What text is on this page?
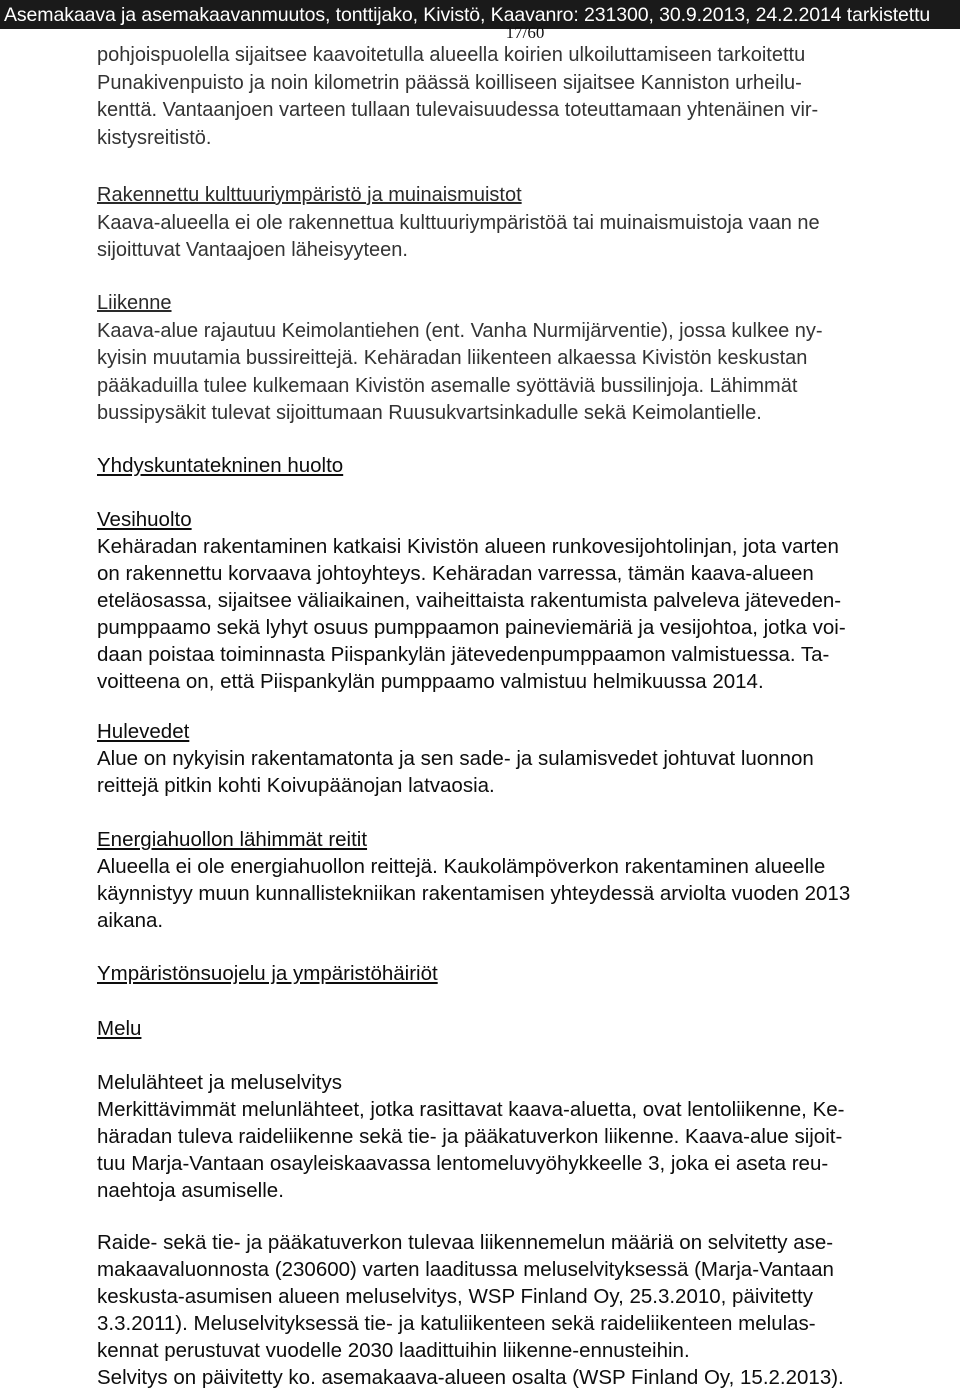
Asemakaava ja asemakaavanmuutos, tonttijako, Kivistö, Kaavanro: 231300, 30.9.2013, 24.2.2014 tarkistettu
17/60

pohjoispuolella sijaitsee kaavoitetulla alueella koirien ulkoiluttamiseen tarkoitettu
Punakivenpuisto ja noin kilometrin päässä koilliseen sijaitsee Kanniston urheilu-
kenttä. Vantaanjoen varteen tullaan tulevaisuudessa toteuttamaan yhtenäinen vir-
kistysreitistö.

Rakennettu kulttuuriympäristö ja muinaismuistot

Kaava-alueella ei ole rakennettua kulttuuriympäristöä tai muinaismuistoja vaan ne
sijoittuvat Vantaajoen läheisyyteen.

Liikenne

Kaava-alue rajautuu Keimolantiehen (ent. Vanha Nurmijärventie), jossa kulkee ny-
kyisin muutamia bussireittejä. Kehäradan liikenteen alkaessa Kivistön keskustan
pääkaduilla tulee kulkemaan Kivistön asemalle syöttäviä bussilinjoja. Lähimmät
bussipysäkit tulevat sijoittumaan Ruusukvartsinkadulle sekä Keimolantielle.

Yhdyskuntatekninen huolto

Vesihuolto

Kehäradan rakentaminen katkaisi Kivistön alueen runkovesijohtolinjan, jota varten
on rakennettu korvaava johtoyhteys. Kehäradan varressa, tämän kaava-alueen
eteläosassa, sijaitsee väliaikainen, vaiheittaista rakentumista palveleva jäteveden-
pumppaamo sekä lyhyt osuus pumppaamon paineviemäriä ja vesijohtoa, jotka voi-
daan poistaa toiminnasta Piispankylän jätevedenpumppaamon valmistuessa. Ta-
voitteena on, että Piispankylän pumppaamo valmistuu helmikuussa 2014.

Hulevedet

Alue on nykyisin rakentamatonta ja sen sade- ja sulamisvedet johtuvat luonnon
reittejä pitkin kohti Koivupäänojan latvaosia.

Energiahuollon lähimmät reitit

Alueella ei ole energiahuollon reittejä. Kaukolämpöverkon rakentaminen alueelle
käynnistyy muun kunnallistekniikan rakentamisen yhteydessä arviolta vuoden 2013
aikana.

Ympäristönsuojelu ja ympäristöhäiriöt

Melu

Melulähteet ja meluselvitys

Merkittävimmät melunlähteet, jotka rasittavat kaava-aluetta, ovat lentoliikenne, Ke-
häradan tuleva raideliikenne sekä tie- ja pääkatuverkon liikenne. Kaava-alue sijoit-
tuu Marja-Vantaan osayleiskaavassa lentomeluvyöhykkeelle 3, joka ei aseta reu-
naehtoja asumiselle.

Raide- sekä tie- ja pääkatuverkon tulevaa liikennemelun määriä on selvitetty ase-
makaavaluonnosta (230600) varten laaditussa meluselvityksessä (Marja-Vantaan
keskusta-asumisen alueen meluselvitys, WSP Finland Oy, 25.3.2010, päivitetty
3.3.2011). Meluselvityksessä tie- ja katuliikenteen sekä raideliikenteen melulas-
kennat perustuvat vuodelle 2030 laadittuihin liikenne-ennusteihin.
Selvitys on päivitetty ko. asemakaava-alueen osalta (WSP Finland Oy, 15.2.2013).
